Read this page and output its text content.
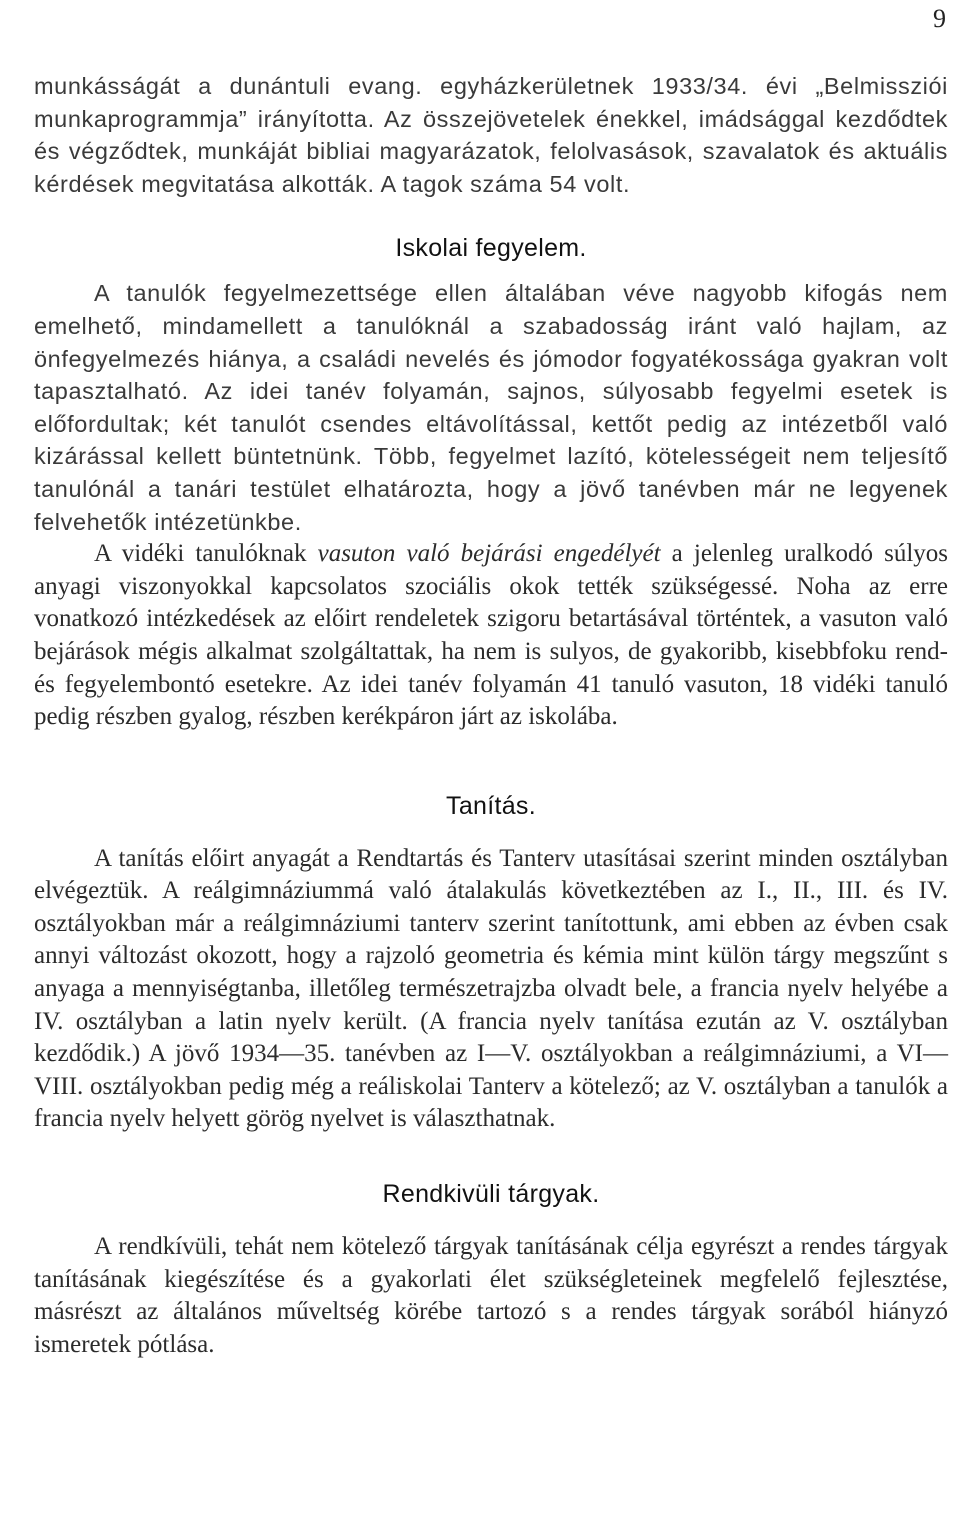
9

munkásságát a dunántuli evang. egyházkerületnek 1933/34. évi „Belmissziói munkaprogrammja” irányította. Az összejövetelek énekkel, imádsággal kezdődtek és végződtek, munkáját bibliai magyarázatok, felolvasások, szavalatok és aktuális kérdések megvitatása alkották. A tagok száma 54 volt.

Iskolai fegyelem.

A tanulók fegyelmezettsége ellen általában véve nagyobb kifogás nem emelhető, mindamellett a tanulóknál a szabadosság iránt való hajlam, az önfegyelmezés hiánya, a családi nevelés és jómodor fogyatékossága gyakran volt tapasztalható. Az idei tanév folyamán, sajnos, súlyosabb fegyelmi esetek is előfordultak; két tanulót csendes eltávolítással, kettőt pedig az intézetből való kizárással kellett büntetnünk. Több, fegyelmet lazító, kötelességeit nem teljesítő tanulónál a tanári testület elhatározta, hogy a jövő tanévben már ne legyenek felvehetők intézetünkbe.

A vidéki tanulóknak vasuton való bejárási engedélyét a jelenleg uralkodó súlyos anyagi viszonyokkal kapcsolatos szociális okok tették szükségessé. Noha az erre vonatkozó intézkedések az előirt rendeletek szigoru betartásával történtek, a vasuton való bejárások mégis alkalmat szolgáltattak, ha nem is sulyos, de gyakoribb, kisebbfoku rend- és fegyelembontó esetekre. Az idei tanév folyamán 41 tanuló vasuton, 18 vidéki tanuló pedig részben gyalog, részben kerékpáron járt az iskolába.

Tanítás.

A tanítás előirt anyagát a Rendtartás és Tanterv utasításai szerint minden osztályban elvégeztük. A reálgimnáziummá való átalakulás következtében az I., II., III. és IV. osztályokban már a reálgimnáziumi tanterv szerint tanítottunk, ami ebben az évben csak annyi változást okozott, hogy a rajzoló geometria és kémia mint külön tárgy megszűnt s anyaga a mennyiségtanba, illetőleg természetrajzba olvadt bele, a francia nyelv helyébe a IV. osztályban a latin nyelv került. (A francia nyelv tanítása ezután az V. osztályban kezdődik.) A jövő 1934—35. tanévben az I—V. osztályokban a reálgimnáziumi, a VI—VIII. osztályokban pedig még a reáliskolai Tanterv a kötelező; az V. osztályban a tanulók a francia nyelv helyett görög nyelvet is választhatnak.

Rendkivüli tárgyak.

A rendkívüli, tehát nem kötelező tárgyak tanításának célja egyrészt a rendes tárgyak tanításának kiegészítése és a gyakorlati élet szükségleteinek megfelelő fejlesztése, másrészt az általános műveltség körébe tartozó s a rendes tárgyak sorából hiányzó ismeretek pótlása.
